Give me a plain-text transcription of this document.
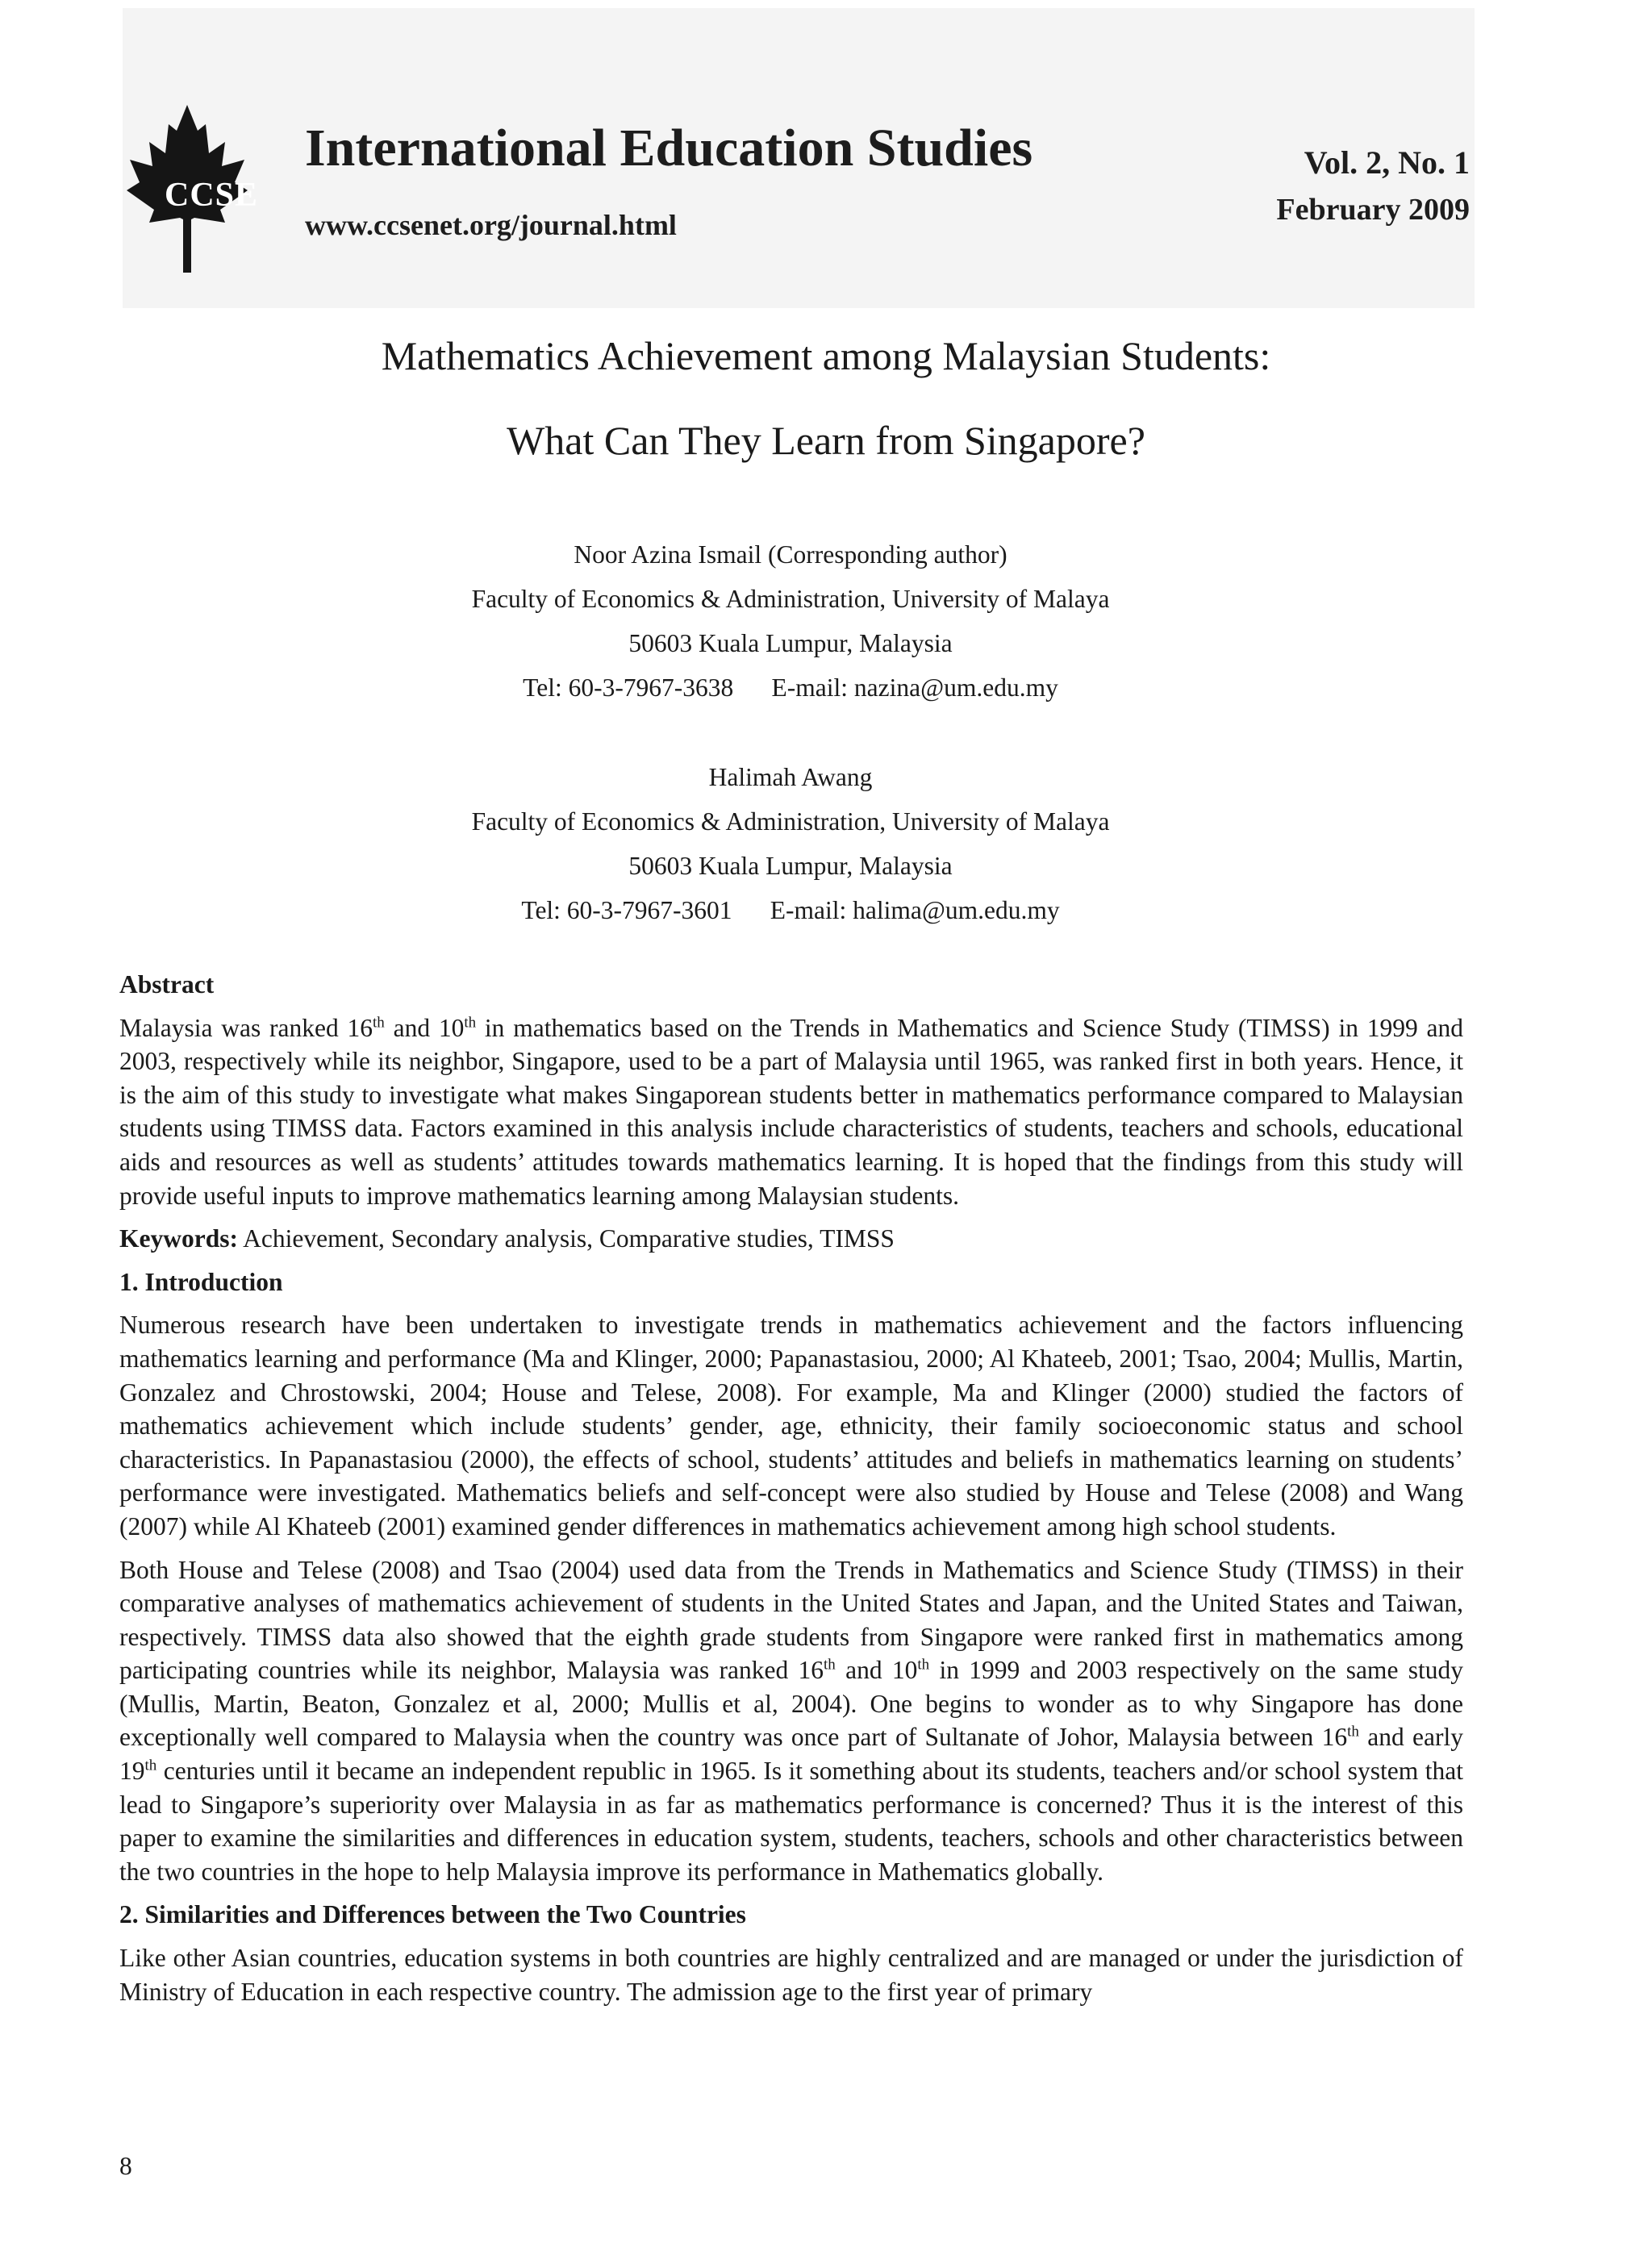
CCSE
International Education Studies
www.ccsenet.org/journal.html
Vol. 2, No. 1
February 2009
Mathematics Achievement among Malaysian Students:
What Can They Learn from Singapore?
Noor Azina Ismail (Corresponding author)
Faculty of Economics & Administration, University of Malaya
50603 Kuala Lumpur, Malaysia
Tel: 60-3-7967-3638      E-mail: nazina@um.edu.my
Halimah Awang
Faculty of Economics & Administration, University of Malaya
50603 Kuala Lumpur, Malaysia
Tel: 60-3-7967-3601      E-mail: halima@um.edu.my
Abstract

Malaysia was ranked 16th and 10th in mathematics based on the Trends in Mathematics and Science Study (TIMSS) in 1999 and 2003, respectively while its neighbor, Singapore, used to be a part of Malaysia until 1965, was ranked first in both years. Hence, it is the aim of this study to investigate what makes Singaporean students better in mathematics performance compared to Malaysian students using TIMSS data. Factors examined in this analysis include characteristics of students, teachers and schools, educational aids and resources as well as students’ attitudes towards mathematics learning. It is hoped that the findings from this study will provide useful inputs to improve mathematics learning among Malaysian students.

Keywords: Achievement, Secondary analysis, Comparative studies, TIMSS

1. Introduction

Numerous research have been undertaken to investigate trends in mathematics achievement and the factors influencing mathematics learning and performance (Ma and Klinger, 2000; Papanastasiou, 2000; Al Khateeb, 2001; Tsao, 2004; Mullis, Martin, Gonzalez and Chrostowski, 2004; House and Telese, 2008). For example, Ma and Klinger (2000) studied the factors of mathematics achievement which include students’ gender, age, ethnicity, their family socioeconomic status and school characteristics. In Papanastasiou (2000), the effects of school, students’ attitudes and beliefs in mathematics learning on students’ performance were investigated. Mathematics beliefs and self-concept were also studied by House and Telese (2008) and Wang (2007) while Al Khateeb (2001) examined gender differences in mathematics achievement among high school students.

Both House and Telese (2008) and Tsao (2004) used data from the Trends in Mathematics and Science Study (TIMSS) in their comparative analyses of mathematics achievement of students in the United States and Japan, and the United States and Taiwan, respectively. TIMSS data also showed that the eighth grade students from Singapore were ranked first in mathematics among participating countries while its neighbor, Malaysia was ranked 16th and 10th in 1999 and 2003 respectively on the same study (Mullis, Martin, Beaton, Gonzalez et al, 2000; Mullis et al, 2004). One begins to wonder as to why Singapore has done exceptionally well compared to Malaysia when the country was once part of Sultanate of Johor, Malaysia between 16th and early 19th centuries until it became an independent republic in 1965. Is it something about its students, teachers and/or school system that lead to Singapore’s superiority over Malaysia in as far as mathematics performance is concerned? Thus it is the interest of this paper to examine the similarities and differences in education system, students, teachers, schools and other characteristics between the two countries in the hope to help Malaysia improve its performance in Mathematics globally.

2. Similarities and Differences between the Two Countries

Like other Asian countries, education systems in both countries are highly centralized and are managed or under the jurisdiction of Ministry of Education in each respective country. The admission age to the first year of primary

8
